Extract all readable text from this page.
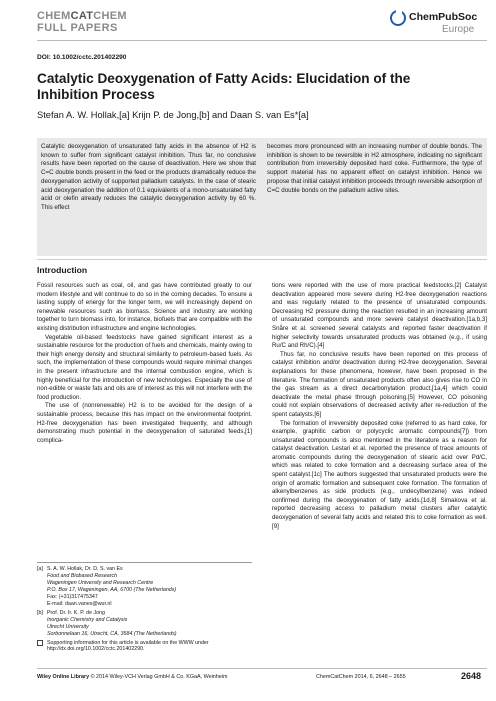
CHEMCATCHEM
FULL PAPERS
ChemPubSoc
Europe
DOI: 10.1002/cctc.201402290
Catalytic Deoxygenation of Fatty Acids: Elucidation of the Inhibition Process
Stefan A. W. Hollak,[a] Krijn P. de Jong,[b] and Daan S. van Es*[a]
Catalytic deoxygenation of unsaturated fatty acids in the absence of H2 is known to suffer from significant catalyst inhibition. Thus far, no conclusive results have been reported on the cause of deactivation. Here we show that C=C double bonds present in the feed or the products dramatically reduce the deoxygenation activity of supported palladium catalysts. In the case of stearic acid deoxygenation the addition of 0.1 equivalents of a mono-unsaturated fatty acid or olefin already reduces the catalytic deoxygenation activity by 60 %. This effect
becomes more pronounced with an increasing number of double bonds. The inhibition is shown to be reversible in H2 atmosphere, indicating no significant contribution from irreversibly deposited hard coke. Furthermore, the type of support material has no apparent effect on catalyst inhibition. Hence we propose that initial catalyst inhibition proceeds through reversible adsorption of C=C double bonds on the palladium active sites.
Introduction

Fossil resources such as coal, oil, and gas have contributed greatly to our modern lifestyle and will continue to do so in the coming decades. To ensure a lasting supply of energy for the longer term, we will increasingly depend on renewable resources such as biomass. Science and industry are working together to turn biomass into, for instance, biofuels that are compatible with the existing distribution infrastructure and engine technologies.

Vegetable oil-based feedstocks have gained significant interest as a sustainable resource for the production of fuels and chemicals, mainly owing to their high energy density and structural similarity to petroleum-based fuels. As such, the implementation of these compounds would require minimal changes in the present infrastructure and the internal combustion engine, which is highly beneficial for the introduction of new technologies. Especially the use of non-edible or waste fats and oils are of interest as this will not interfere with the food production.

The use of (nonrenewable) H2 is to be avoided for the design of a sustainable process, because this has impact on the environmental footprint. H2-free deoxygenation has been investigated frequently, and although demonstrating much potential in the deoxygenation of saturated feeds,[1] complica-

tions were reported with the use of more practical feedstocks.[2] Catalyst deactivation appeared more severe during H2-free deoxygenation reactions and was regularly related to the presence of unsaturated compounds. Decreasing H2 pressure during the reaction resulted in an increasing amount of unsaturated compounds and more severe catalyst deactivation.[1a,b,3] Snåre et al. screened several catalysts and reported faster deactivation if higher selectivity towards unsaturated products was obtained (e.g., if using Ru/C and Rh/C).[4]

Thus far, no conclusive results have been reported on this process of catalyst inhibition and/or deactivation during H2-free deoxygenation. Several explanations for these phenomena, however, have been proposed in the literature. The formation of unsaturated products often also gives rise to CO in the gas stream as a direct decarbonylation product,[1a,4] which could deactivate the metal phase through poisoning.[5] However, CO poisoning could not explain observations of decreased activity after re-reduction of the spent catalysts.[6]

The formation of irreversibly deposited coke (referred to as hard coke, for example, graphitic carbon or polycyclic aromatic compounds[7]) from unsaturated compounds is also mentioned in the literature as a reason for catalyst deactivation. Lestari et al. reported the presence of trace amounts of aromatic compounds during the deoxygenation of stearic acid over Pd/C, which was related to coke formation and a decreasing surface area of the spent catalyst.[1c] The authors suggested that unsaturated products were the origin of aromatic formation and subsequent coke formation. The formation of alkenylbenzenes as side products (e.g., undecylbenzene) was indeed confirmed during the deoxygenation of fatty acids.[1d,8] Simakova et al. reported decreasing access to palladium metal clusters after catalytic deoxygenation of several fatty acids and related this to coke formation as well.[9]

[a] S. A. W. Hollak, Dr. D. S. van Es
Food and Biobased Research
Wageningen University and Research Centre
P.O. Box 17, Wageningen, AA, 6700 (The Netherlands)
Fax: (+31)317475347
E-mail: daan.vanes@wur.nl
[b] Prof. Dr. Ir. K. P. de Jong
Inorganic Chemistry and Catalysis
Utrecht University
Sorbonnelaan 16, Utrecht, CA, 3584 (The Netherlands)
Supporting information for this article is available on the WWW under http://dx.doi.org/10.1002/cctc.201402290.
Wiley Online Library © 2014 Wiley-VCH Verlag GmbH & Co. KGaA, Weinheim	ChemCatChem 2014, 6, 2648 – 2655	2648
